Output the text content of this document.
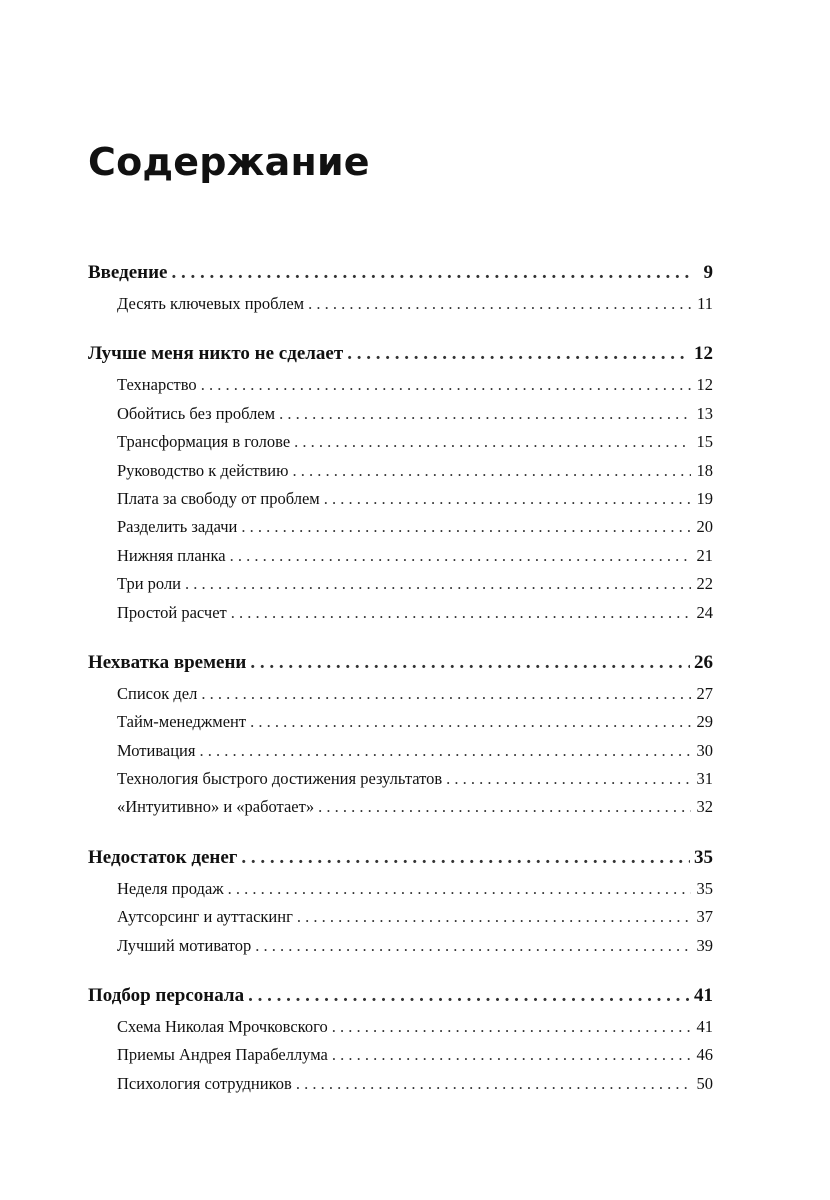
Содержание
Введение . . .	9
Десять ключевых проблем . . .	11
Лучше меня никто не сделает . . .	12
Технарство . . .	12
Обойтись без проблем . . .	13
Трансформация в голове . . .	15
Руководство к действию . . .	18
Плата за свободу от проблем . . .	19
Разделить задачи . . .	20
Нижняя планка . . .	21
Три роли . . .	22
Простой расчет . . .	24
Нехватка времени . . .	26
Список дел . . .	27
Тайм-менеджмент . . .	29
Мотивация . . .	30
Технология быстрого достижения результатов . . .	31
«Интуитивно» и «работает» . . .	32
Недостаток денег . . .	35
Неделя продаж . . .	35
Аутсорсинг и ауттаскинг . . .	37
Лучший мотиватор . . .	39
Подбор персонала . . .	41
Схема Николая Мрочковского . . .	41
Приемы Андрея Парабеллума . . .	46
Психология сотрудников . . .	50
